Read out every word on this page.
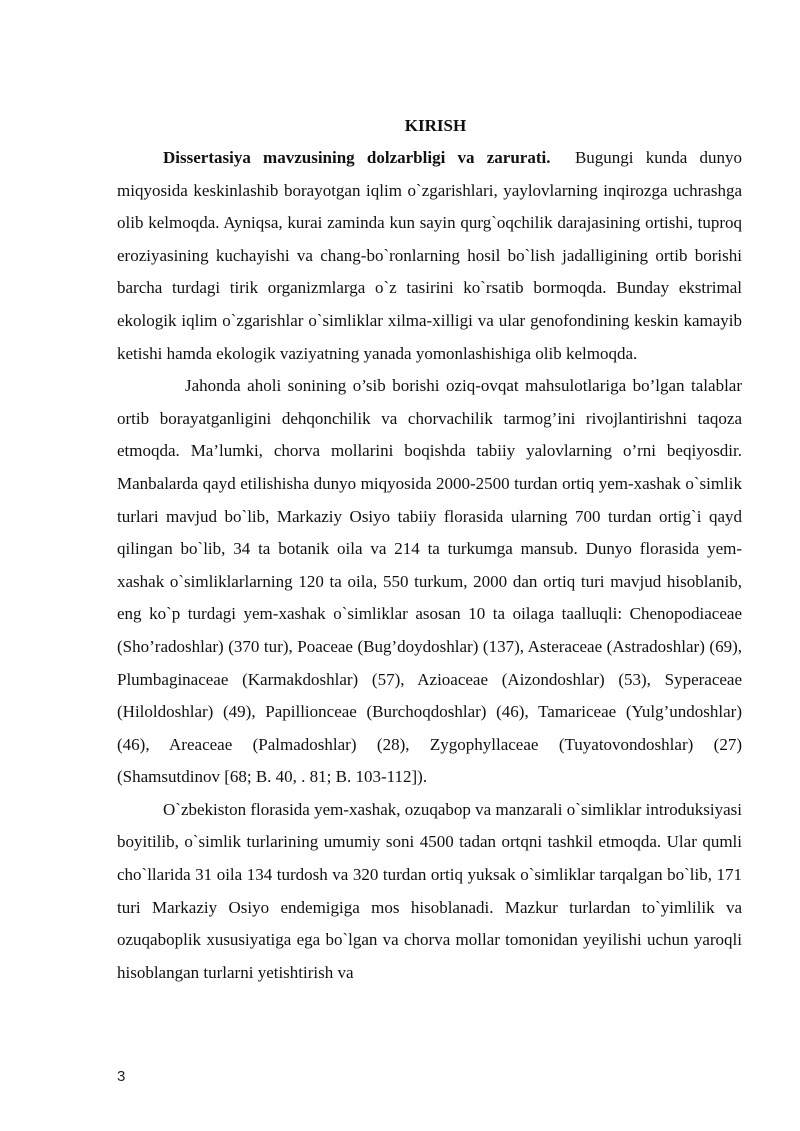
KIRISH

Dissertasiya mavzusining dolzarbligi va zarurati. Bugungi kunda dunyo miqyosida keskinlashib borayotgan iqlim o`zgarishlari, yaylovlarning inqirozga uchrashga olib kelmoqda. Ayniqsa, kurai zaminda kun sayin qurg`oqchilik darajasining ortishi, tuproq eroziyasining kuchayishi va chang-bo`ronlarning hosil bo`lish jadalligining ortib borishi barcha turdagi tirik organizmlarga o`z tasirini ko`rsatib bormoqda. Bunday ekstrimal ekologik iqlim o`zgarishlar o`simliklar xilma-xilligi va ular genofondining keskin kamayib ketishi hamda ekologik vaziyatning yanada yomonlashishiga olib kelmoqda.

Jahonda aholi sonining o’sib borishi oziq-ovqat mahsulotlariga bo’lgan talablar ortib borayatganligini dehqonchilik va chorvachilik tarmog’ini rivojlantirishni taqoza etmoqda. Ma’lumki, chorva mollarini boqishda tabiiy yalovlarning o’rni beqiyosdir. Manbalarda qayd etilishisha dunyo miqyosida 2000-2500 turdan ortiq yem-xashak o`simlik turlari mavjud bo`lib, Markaziy Osiyo tabiiy florasida ularning 700 turdan ortig`i qayd qilingan bo`lib, 34 ta botanik oila va 214 ta turkumga mansub. Dunyo florasida yem-xashak o`simliklarlarning 120 ta oila, 550 turkum, 2000 dan ortiq turi mavjud hisoblanib, eng ko`p turdagi yem-xashak o`simliklar asosan 10 ta oilaga taalluqli: Chenopodiaceae (Sho’radoshlar) (370 tur), Poaceae (Bug’doydoshlar) (137), Asteraceae (Astradoshlar) (69), Plumbaginaceae (Karmakdoshlar) (57), Azioaceae (Aizondoshlar) (53), Syperaceae (Hiloldoshlar) (49), Papillionceae (Burchoqdoshlar) (46), Tamariceae (Yulg’undoshlar) (46), Areaceae (Palmadoshlar) (28), Zygophyllaceae (Tuyatovondoshlar) (27) (Shamsutdinov [68; B. 40, . 81; B. 103-112]).

O`zbekiston florasida yem-xashak, ozuqabop va manzarali o`simliklar introduksiyasi boyitilib, o`simlik turlarining umumiy soni 4500 tadan ortqni tashkil etmoqda. Ular qumli cho`llarida 31 oila 134 turdosh va 320 turdan ortiq yuksak o`simliklar tarqalgan bo`lib, 171 turi Markaziy Osiyo endemigiga mos hisoblanadi. Mazkur turlardan to`yimlilik va ozuqaboplik xususiyatiga ega bo`lgan va chorva mollar tomonidan yeyilishi uchun yaroqli hisoblangan turlarni yetishtirish va

3
